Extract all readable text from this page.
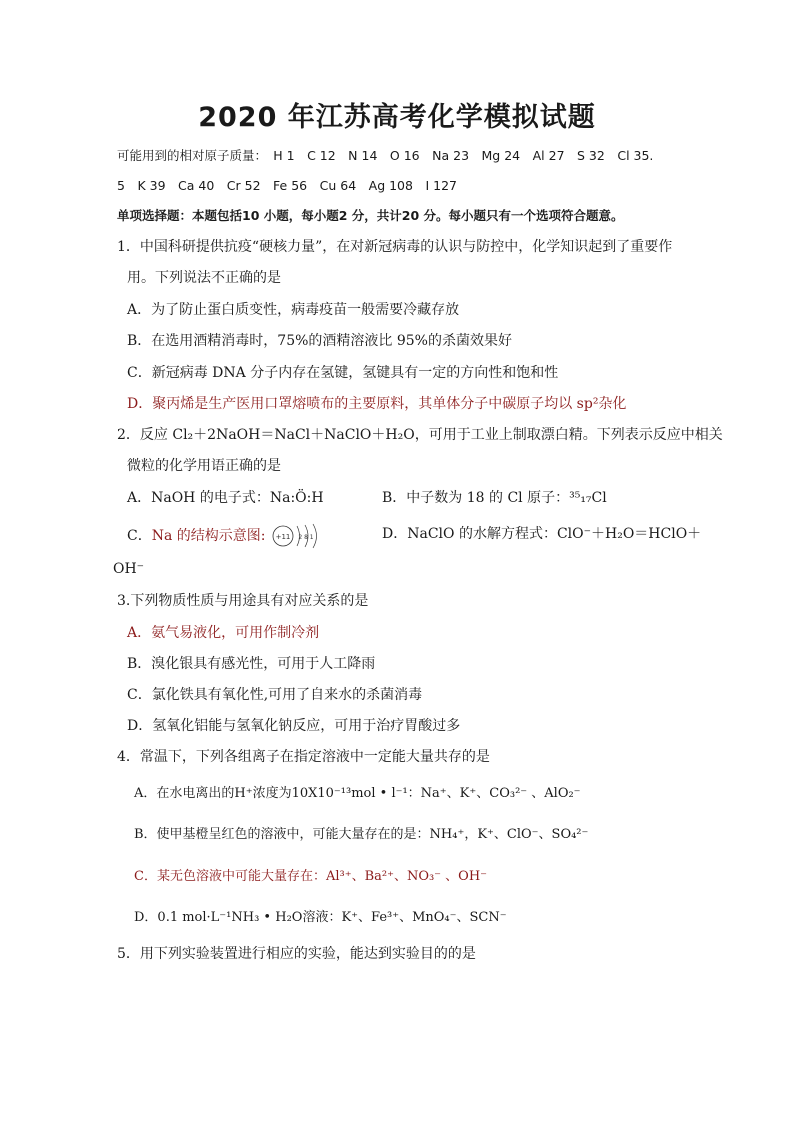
2020 年江苏高考化学模拟试题
可能用到的相对原子质量：　H 1　C 12　N 14　O 16　Na 23　Mg 24　Al 27　S 32　Cl 35.
5　K 39　Ca 40　Cr 52　Fe 56　Cu 64　Ag 108　I 127
单项选择题：本题包括10 小题，每小题2 分，共计20 分。每小题只有一个选项符合题意。
1．中国科研提供抗疫“硬核力量”，在对新冠病毒的认识与防控中，化学知识起到了重要作
用。下列说法不正确的是
A．为了防止蛋白质变性，病毒疫苗一般需要冷藏存放
B．在选用酒精消毒时，75%的酒精溶液比 95%的杀菌效果好
C．新冠病毒 DNA 分子内存在氢键，氢键具有一定的方向性和饱和性
D．聚丙烯是生产医用口罩熔喷布的主要原料，其单体分子中碳原子均以 sp²杂化
2．反应 Cl₂＋2NaOH＝NaCl＋NaClO＋H₂O，可用于工业上制取漂白精。下列表示反应中相关
微粒的化学用语正确的是
A．NaOH 的电子式：Na:Ö:H	B．中子数为 18 的 Cl 原子：³⁵₁₇Cl
C．Na 的结构示意图: +11 2 8 1	D．NaClO 的水解方程式：ClO⁻＋H₂O＝HClO＋
OH⁻
3.下列物质性质与用途具有对应关系的是
A．氨气易液化，可用作制冷剂
B．溴化银具有感光性，可用于人工降雨
C．氯化铁具有氧化性,可用了自来水的杀菌消毒
D．氢氧化铝能与氢氧化钠反应，可用于治疗胃酸过多
4．常温下，下列各组离子在指定溶液中一定能大量共存的是
A．在水电离出的H⁺浓度为10X10⁻¹³mol • l⁻¹：Na⁺、K⁺、CO₃²⁻ 、AlO₂⁻
B．使甲基橙呈红色的溶液中，可能大量存在的是：NH₄⁺，K⁺、ClO⁻、SO₄²⁻
C．某无色溶液中可能大量存在：Al³⁺、Ba²⁺、NO₃⁻ 、OH⁻
D．0.1 mol·L⁻¹NH₃ • H₂O溶液：K⁺、Fe³⁺、MnO₄⁻、SCN⁻
5．用下列实验装置进行相应的实验，能达到实验目的的是
